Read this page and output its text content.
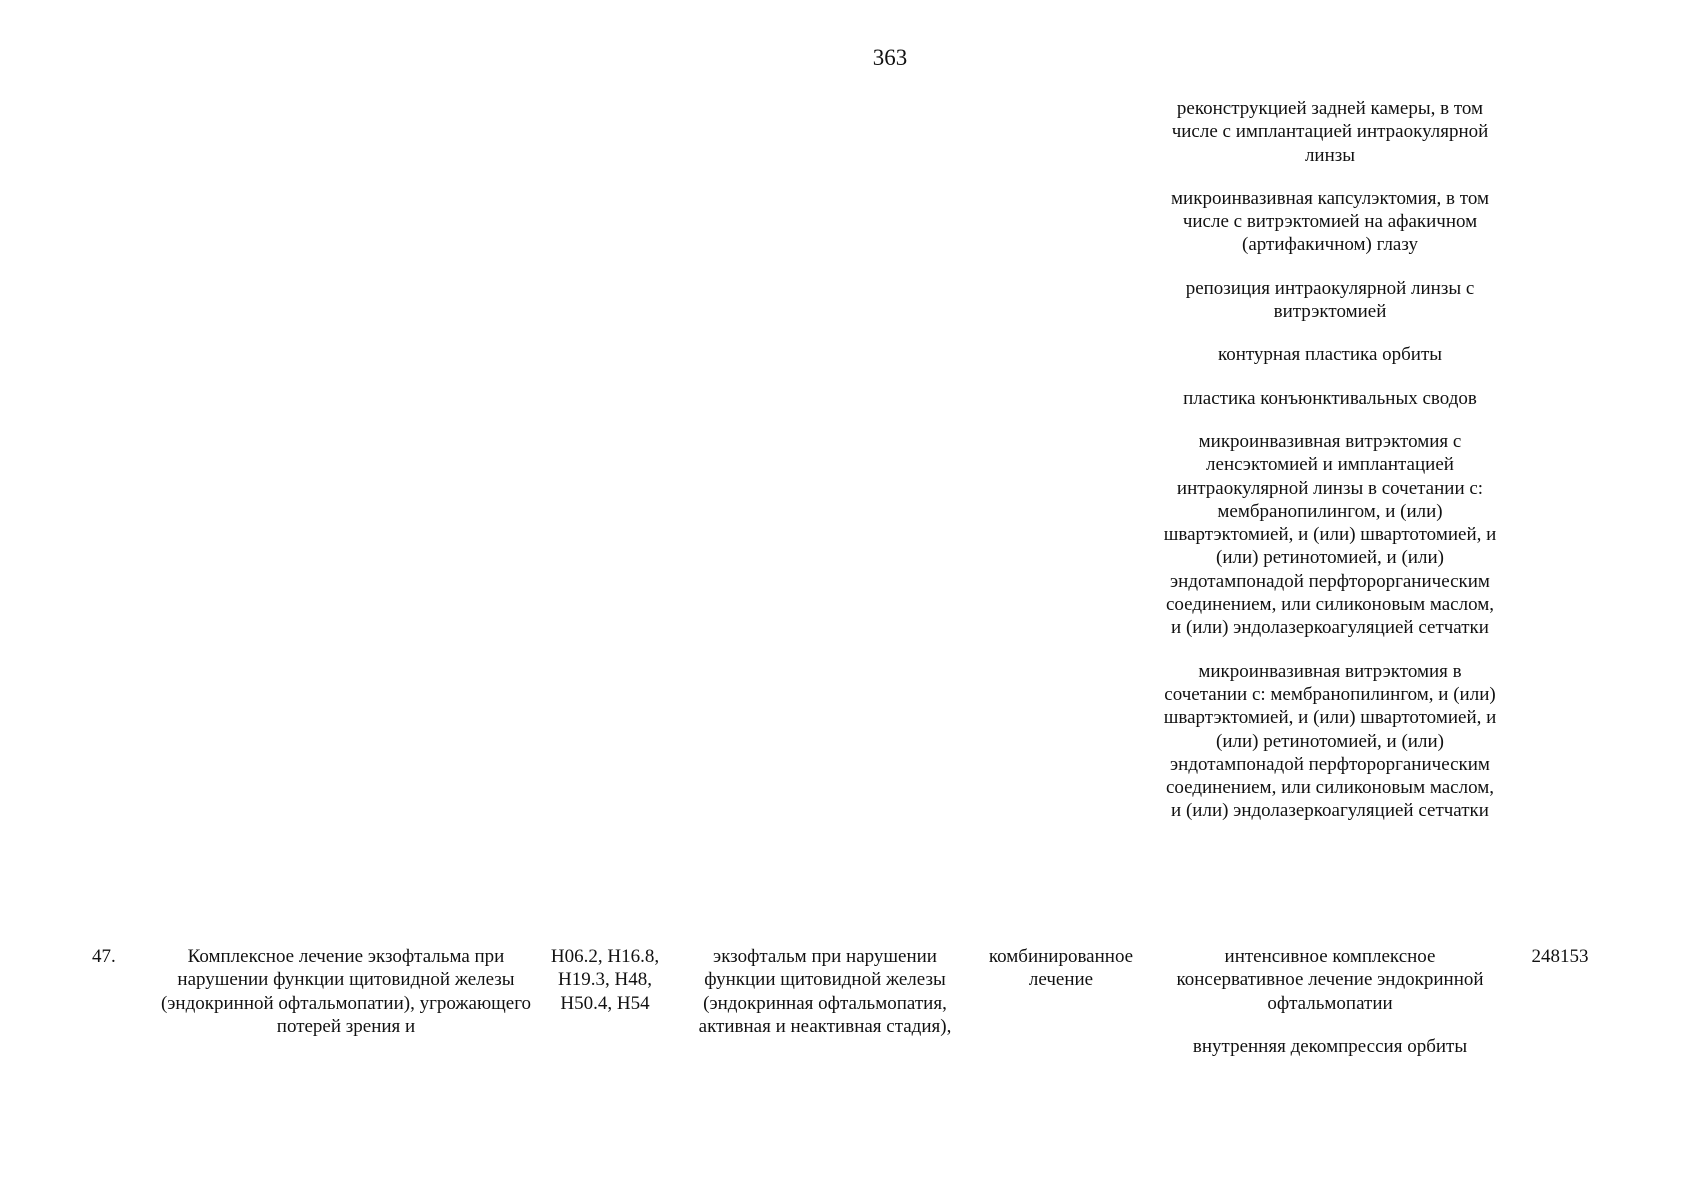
363

реконструкцией задней камеры, в том числе с имплантацией интраокулярной линзы

микроинвазивная капсулэктомия, в том числе с витрэктомией на афакичном (артифакичном) глазу

репозиция интраокулярной линзы с витрэктомией

контурная пластика орбиты

пластика конъюнктивальных сводов

микроинвазивная витрэктомия с ленсэктомией и имплантацией интраокулярной линзы в сочетании с: мембранопилингом, и (или) швартэктомией, и (или) швартотомией, и (или) ретинотомией, и (или) эндотампонадой перфторорганическим соединением, или силиконовым маслом, и (или) эндолазеркоагуляцией сетчатки

микроинвазивная витрэктомия в сочетании с: мембранопилингом, и (или) швартэктомией, и (или) швартотомией, и (или) ретинотомией, и (или) эндотампонадой перфторорганическим соединением, или силиконовым маслом, и (или) эндолазеркоагуляцией сетчатки

47.	Комплексное лечение экзофтальма при нарушении функции щитовидной железы (эндокринной офтальмопатии), угрожающего потерей зрения и
H06.2, H16.8, H19.3, H48, H50.4, H54
экзофтальм при нарушении функции щитовидной железы (эндокринная офтальмопатия, активная и неактивная стадия),
комбинированное лечение

интенсивное комплексное консервативное лечение эндокринной офтальмопатии

внутренняя декомпрессия орбиты

248153
